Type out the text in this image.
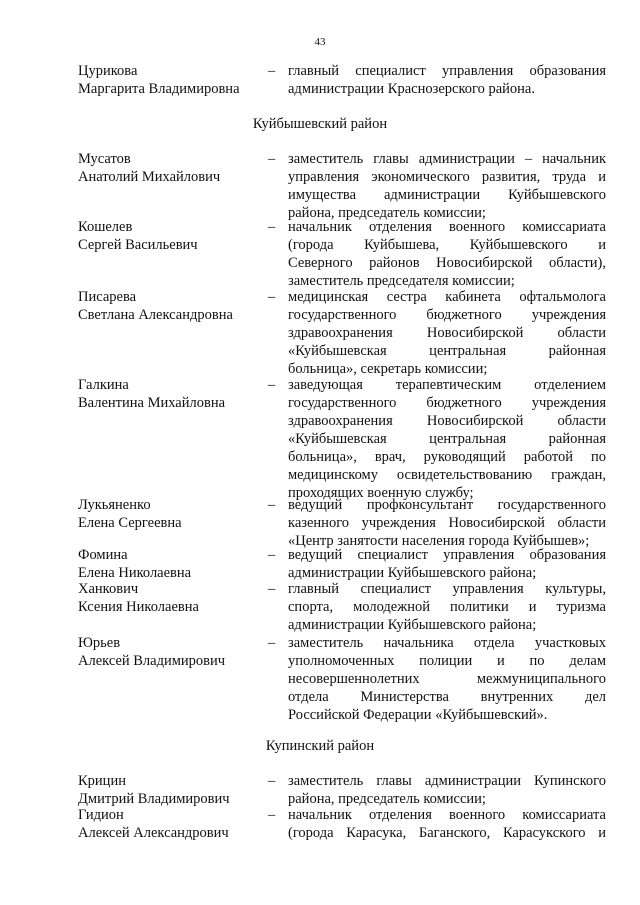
43
Цурикова
Маргарита Владимировна
– главный специалист управления образования
администрации Краснозерского района.
Куйбышевский район
Мусатов
Анатолий Михайлович
– заместитель главы администрации – начальник
управления экономического развития, труда и
имущества администрации Куйбышевского
района, председатель комиссии;
Кошелев
Сергей Васильевич
– начальник отделения военного комиссариата
(города Куйбышева, Куйбышевского и
Северного районов Новосибирской области),
заместитель председателя комиссии;
Писарева
Светлана Александровна
– медицинская сестра кабинета офтальмолога
государственного бюджетного учреждения
здравоохранения Новосибирской области
«Куйбышевская центральная районная
больница», секретарь комиссии;
Галкина
Валентина Михайловна
– заведующая терапевтическим отделением
государственного бюджетного учреждения
здравоохранения Новосибирской области
«Куйбышевская центральная районная
больница», врач, руководящий работой по
медицинскому освидетельствованию граждан,
проходящих военную службу;
Лукьяненко
Елена Сергеевна
– ведущий профконсультант государственного
казенного учреждения Новосибирской области
«Центр занятости населения города Куйбышев»;
Фомина
Елена Николаевна
– ведущий специалист управления образования
администрации Куйбышевского района;
Ханкович
Ксения Николаевна
– главный специалист управления культуры,
спорта, молодежной политики и туризма
администрации Куйбышевского района;
Юрьев
Алексей Владимирович
– заместитель начальника отдела участковых
уполномоченных полиции и по делам
несовершеннолетних межмуниципального
отдела Министерства внутренних дел
Российской Федерации «Куйбышевский».
Купинский район
Крицин
Дмитрий Владимирович
– заместитель главы администрации Купинского
района, председатель комиссии;
Гидион
Алексей Александрович
– начальник отделения военного комиссариата
(города Карасука, Баганского, Карасукского и
